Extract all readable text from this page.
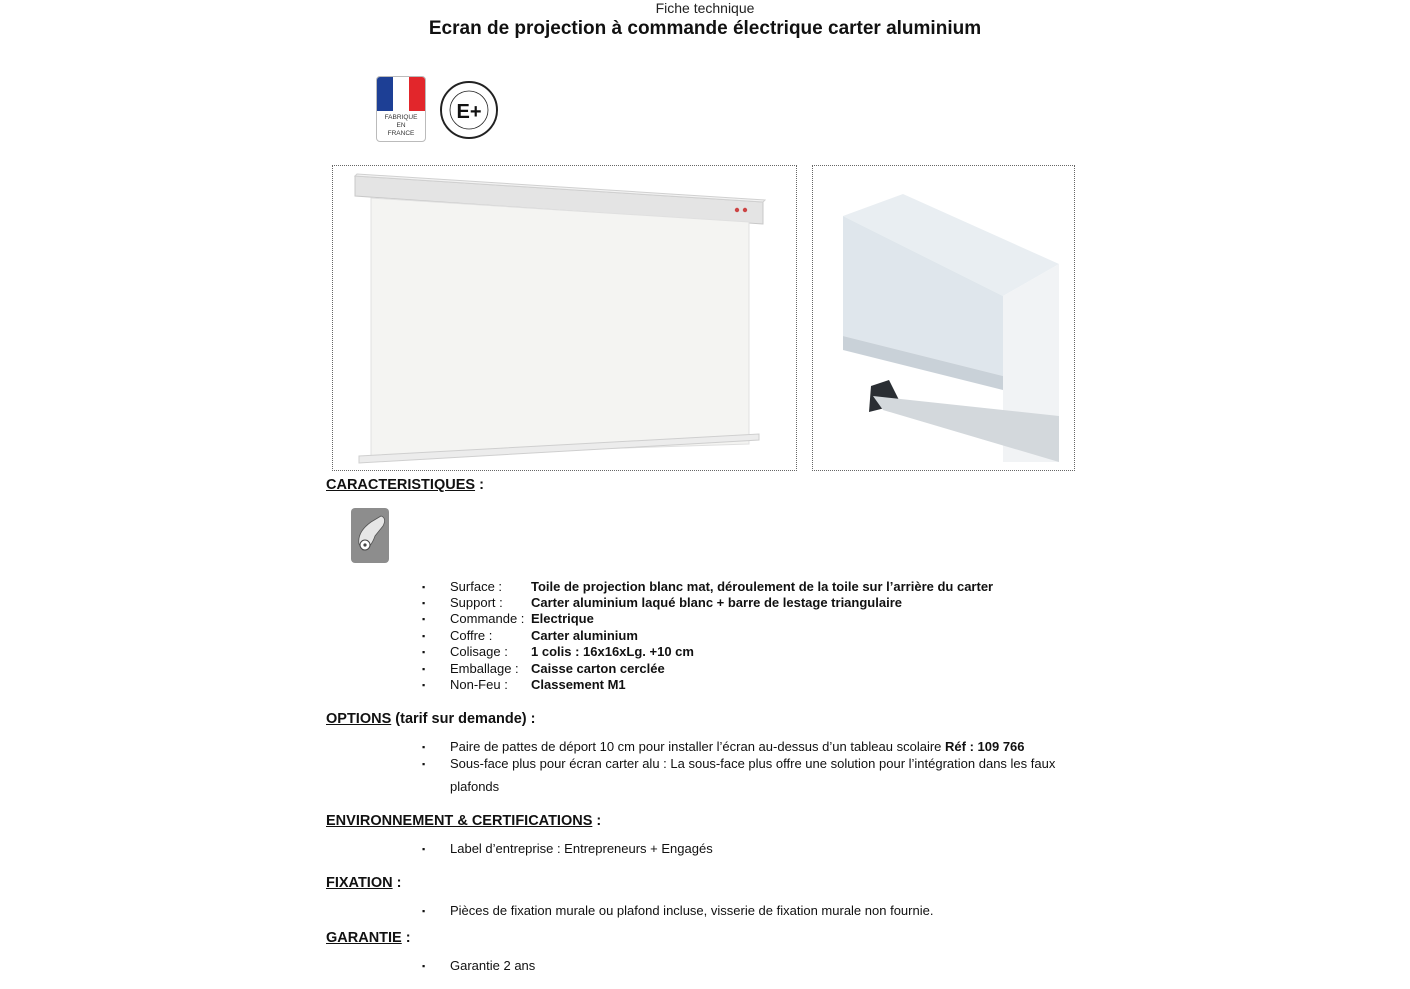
Fiche technique
Ecran de projection à commande électrique carter aluminium
FABRIQUE
EN
FRANCE
E+
CARACTERISTIQUES :
▪ Surface : Toile de projection blanc mat, déroulement de la toile sur l’arrière du carter
▪ Support : Carter aluminium laqué blanc + barre de lestage triangulaire
▪ Commande : Electrique
▪ Coffre :	Carter aluminium
▪ Colisage : 1 colis : 16x16xLg. +10 cm
▪ Emballage : Caisse carton cerclée
▪ Non-Feu : Classement M1
OPTIONS (tarif sur demande) :
▪ Paire de pattes de déport 10 cm pour installer l’écran au-dessus d’un tableau scolaire Réf : 109 766
▪ Sous-face plus pour écran carter alu : La sous-face plus offre une solution pour l’intégration dans les faux
plafonds
ENVIRONNEMENT & CERTIFICATIONS :
▪ Label d’entreprise : Entrepreneurs + Engagés
FIXATION :
▪ Pièces de fixation murale ou plafond incluse, visserie de fixation murale non fournie.
GARANTIE :
▪ Garantie 2 ans
